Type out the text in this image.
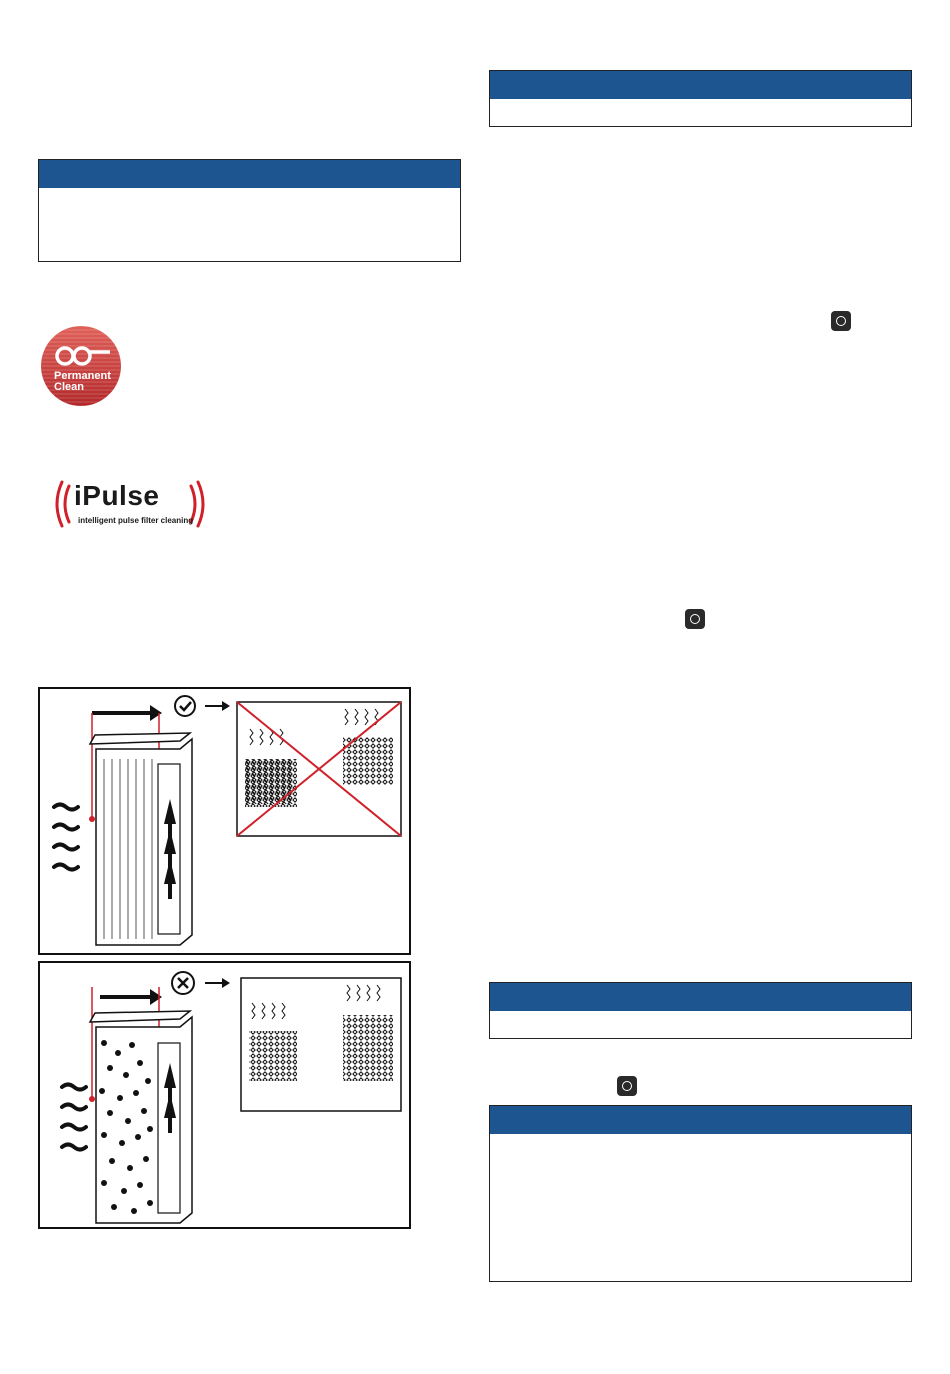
Permanent
Clean
iPulse
intelligent pulse filter cleaning
